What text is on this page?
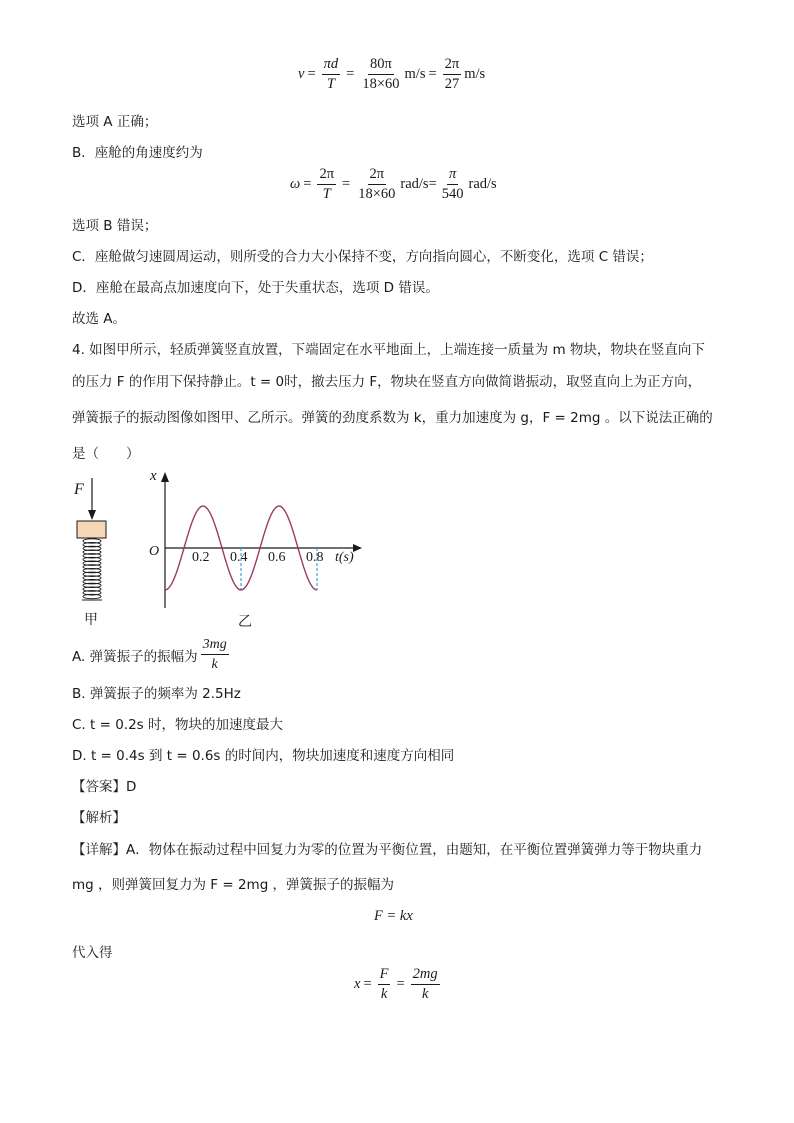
$v = \frac{\pi d}{T} = \frac{80\pi}{18\times 60} m/s = \frac{2\pi}{27} m/s$
选项 A 正确；
B．座舱的角速度约为
$\omega = \frac{2\pi}{T} = \frac{2\pi}{18\times 60} rad/s= \frac{\pi}{540} rad/s$
选项 B 错误；
C．座舱做匀速圆周运动，则所受的合力大小保持不变，方向指向圆心，不断变化，选项 C 错误；
D．座舱在最高点加速度向下，处于失重状态，选项 D 错误。
故选 A。
4. 如图甲所示，轻质弹簧竖直放置，下端固定在水平地面上，上端连接一质量为 m 物块，物块在竖直向下
的压力 F 的作用下保持静止。t = 0时，撤去压力 F，物块在竖直方向做简谐振动，取竖直向上为正方向，
弹簧振子的振动图像如图甲、乙所示。弹簧的劲度系数为 k，重力加速度为 g，F = 2mg 。以下说法正确的
是（　　）
F
甲
x
O	t(s)
0.2 0.4 0.6 0.8
乙
A. 弹簧振子的振幅为 $\frac{3mg}{k}$
B. 弹簧振子的频率为 2.5Hz
C. t = 0.2s 时，物块的加速度最大
D. t = 0.4s 到 t = 0.6s 的时间内，物块加速度和速度方向相同
【答案】D
【解析】
【详解】A．物体在振动过程中回复力为零的位置为平衡位置，由题知，在平衡位置弹簧弹力等于物块重力
mg ，则弹簧回复力为 F = 2mg ，弹簧振子的振幅为
F = kx
代入得
$x = \frac{F}{k} = \frac{2mg}{k}$
